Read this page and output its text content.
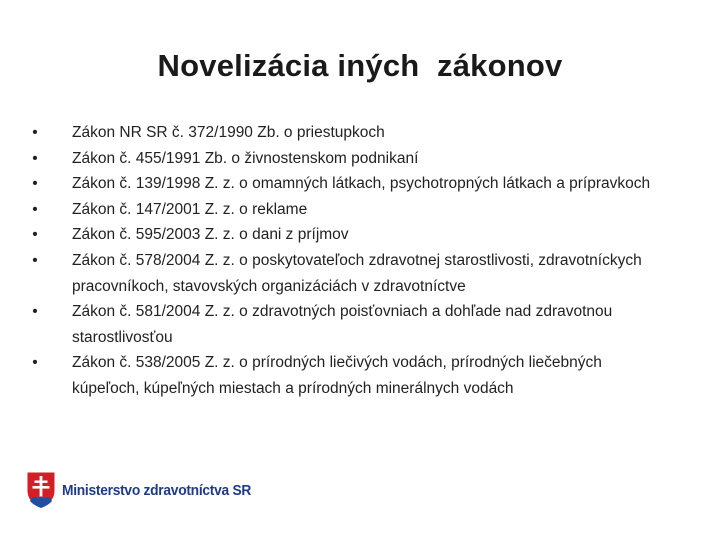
Novelizácia iných  zákonov
• Zákon NR SR č. 372/1990 Zb. o priestupkoch
• Zákon č. 455/1991 Zb. o živnostenskom podnikaní
• Zákon č. 139/1998 Z. z. o omamných látkach, psychotropných látkach a prípravkoch
• Zákon č. 147/2001 Z. z. o reklame
• Zákon č. 595/2003 Z. z. o dani z príjmov
• Zákon č. 578/2004 Z. z. o poskytovateľoch zdravotnej starostlivosti, zdravotníckych pracovníkoch, stavovských organizáciách v zdravotníctve
• Zákon č. 581/2004 Z. z. o zdravotných poisťovniach a dohľade nad zdravotnou starostlivosťou
• Zákon č. 538/2005 Z. z. o prírodných liečivých vodách, prírodných liečebných kúpeľoch, kúpeľných miestach a prírodných minerálnych vodách
Ministerstvo zdravotníctva SR
